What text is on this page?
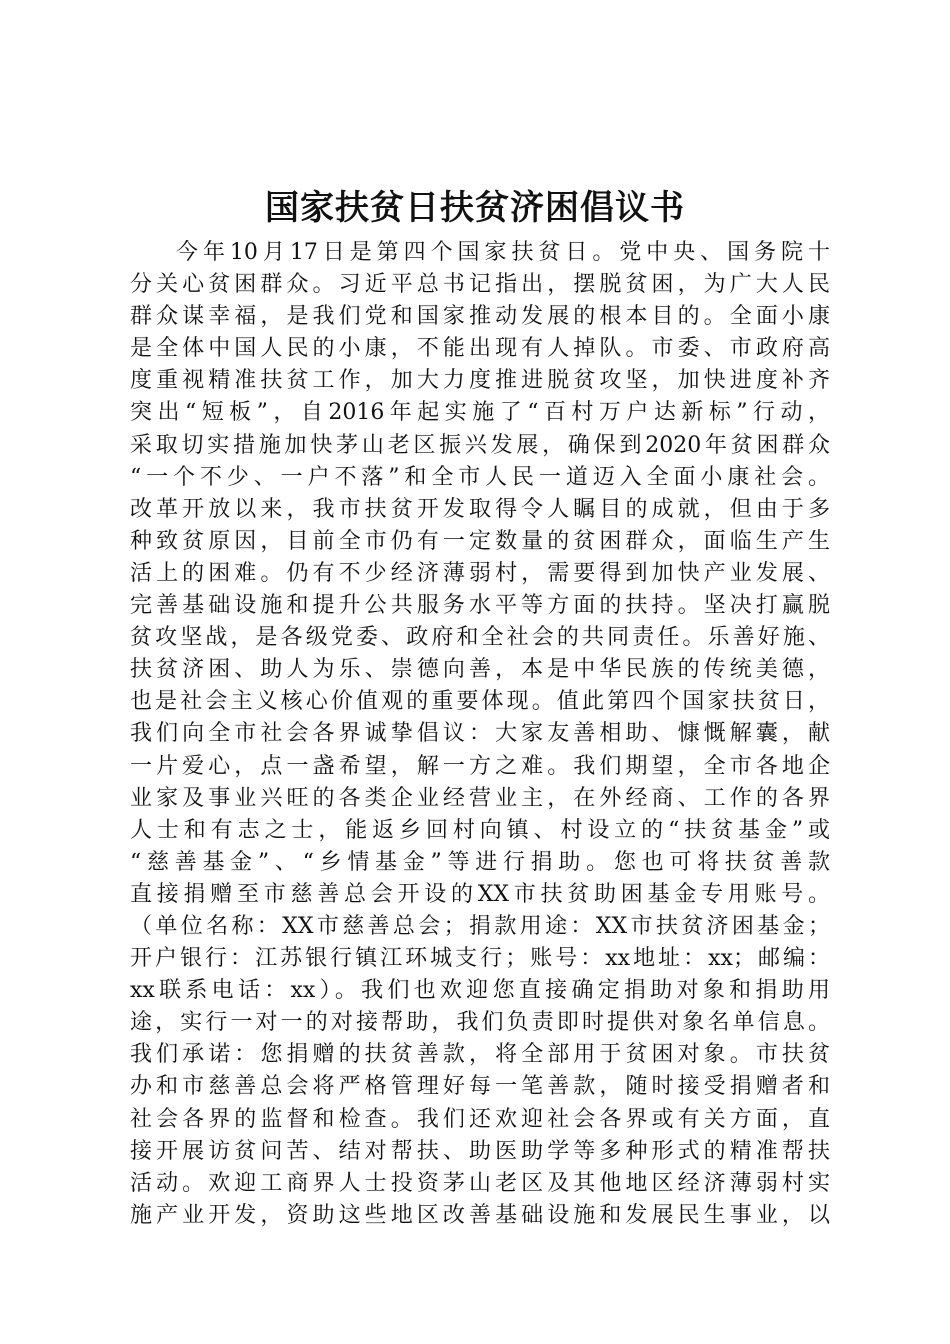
国家扶贫日扶贫济困倡议书
今年10月17日是第四个国家扶贫日。党中央、国务院十
分关心贫困群众。习近平总书记指出，摆脱贫困，为广大人民
群众谋幸福，是我们党和国家推动发展的根本目的。全面小康
是全体中国人民的小康，不能出现有人掉队。市委、市政府高
度重视精准扶贫工作，加大力度推进脱贫攻坚，加快进度补齐
突出“短板”，自2016年起实施了“百村万户达新标”行动，
采取切实措施加快茅山老区振兴发展，确保到2020年贫困群众
“一个不少、一户不落”和全市人民一道迈入全面小康社会。
改革开放以来，我市扶贫开发取得令人瞩目的成就，但由于多
种致贫原因，目前全市仍有一定数量的贫困群众，面临生产生
活上的困难。仍有不少经济薄弱村，需要得到加快产业发展、
完善基础设施和提升公共服务水平等方面的扶持。坚决打赢脱
贫攻坚战，是各级党委、政府和全社会的共同责任。乐善好施、
扶贫济困、助人为乐、崇德向善，本是中华民族的传统美德，
也是社会主义核心价值观的重要体现。值此第四个国家扶贫日，
我们向全市社会各界诚挚倡议：大家友善相助、慷慨解囊，献
一片爱心，点一盏希望，解一方之难。我们期望，全市各地企
业家及事业兴旺的各类企业经营业主，在外经商、工作的各界
人士和有志之士，能返乡回村向镇、村设立的“扶贫基金”或
“慈善基金”、“乡情基金”等进行捐助。您也可将扶贫善款
直接捐赠至市慈善总会开设的XX市扶贫助困基金专用账号。
（单位名称：XX市慈善总会；捐款用途：XX市扶贫济困基金；
开户银行：江苏银行镇江环城支行；账号：xx地址：xx；邮编：
xx联系电话：xx）。我们也欢迎您直接确定捐助对象和捐助用
途，实行一对一的对接帮助，我们负责即时提供对象名单信息。
我们承诺：您捐赠的扶贫善款，将全部用于贫困对象。市扶贫
办和市慈善总会将严格管理好每一笔善款，随时接受捐赠者和
社会各界的监督和检查。我们还欢迎社会各界或有关方面，直
接开展访贫问苦、结对帮扶、助医助学等多种形式的精准帮扶
活动。欢迎工商界人士投资茅山老区及其他地区经济薄弱村实
施产业开发，资助这些地区改善基础设施和发展民生事业，以
